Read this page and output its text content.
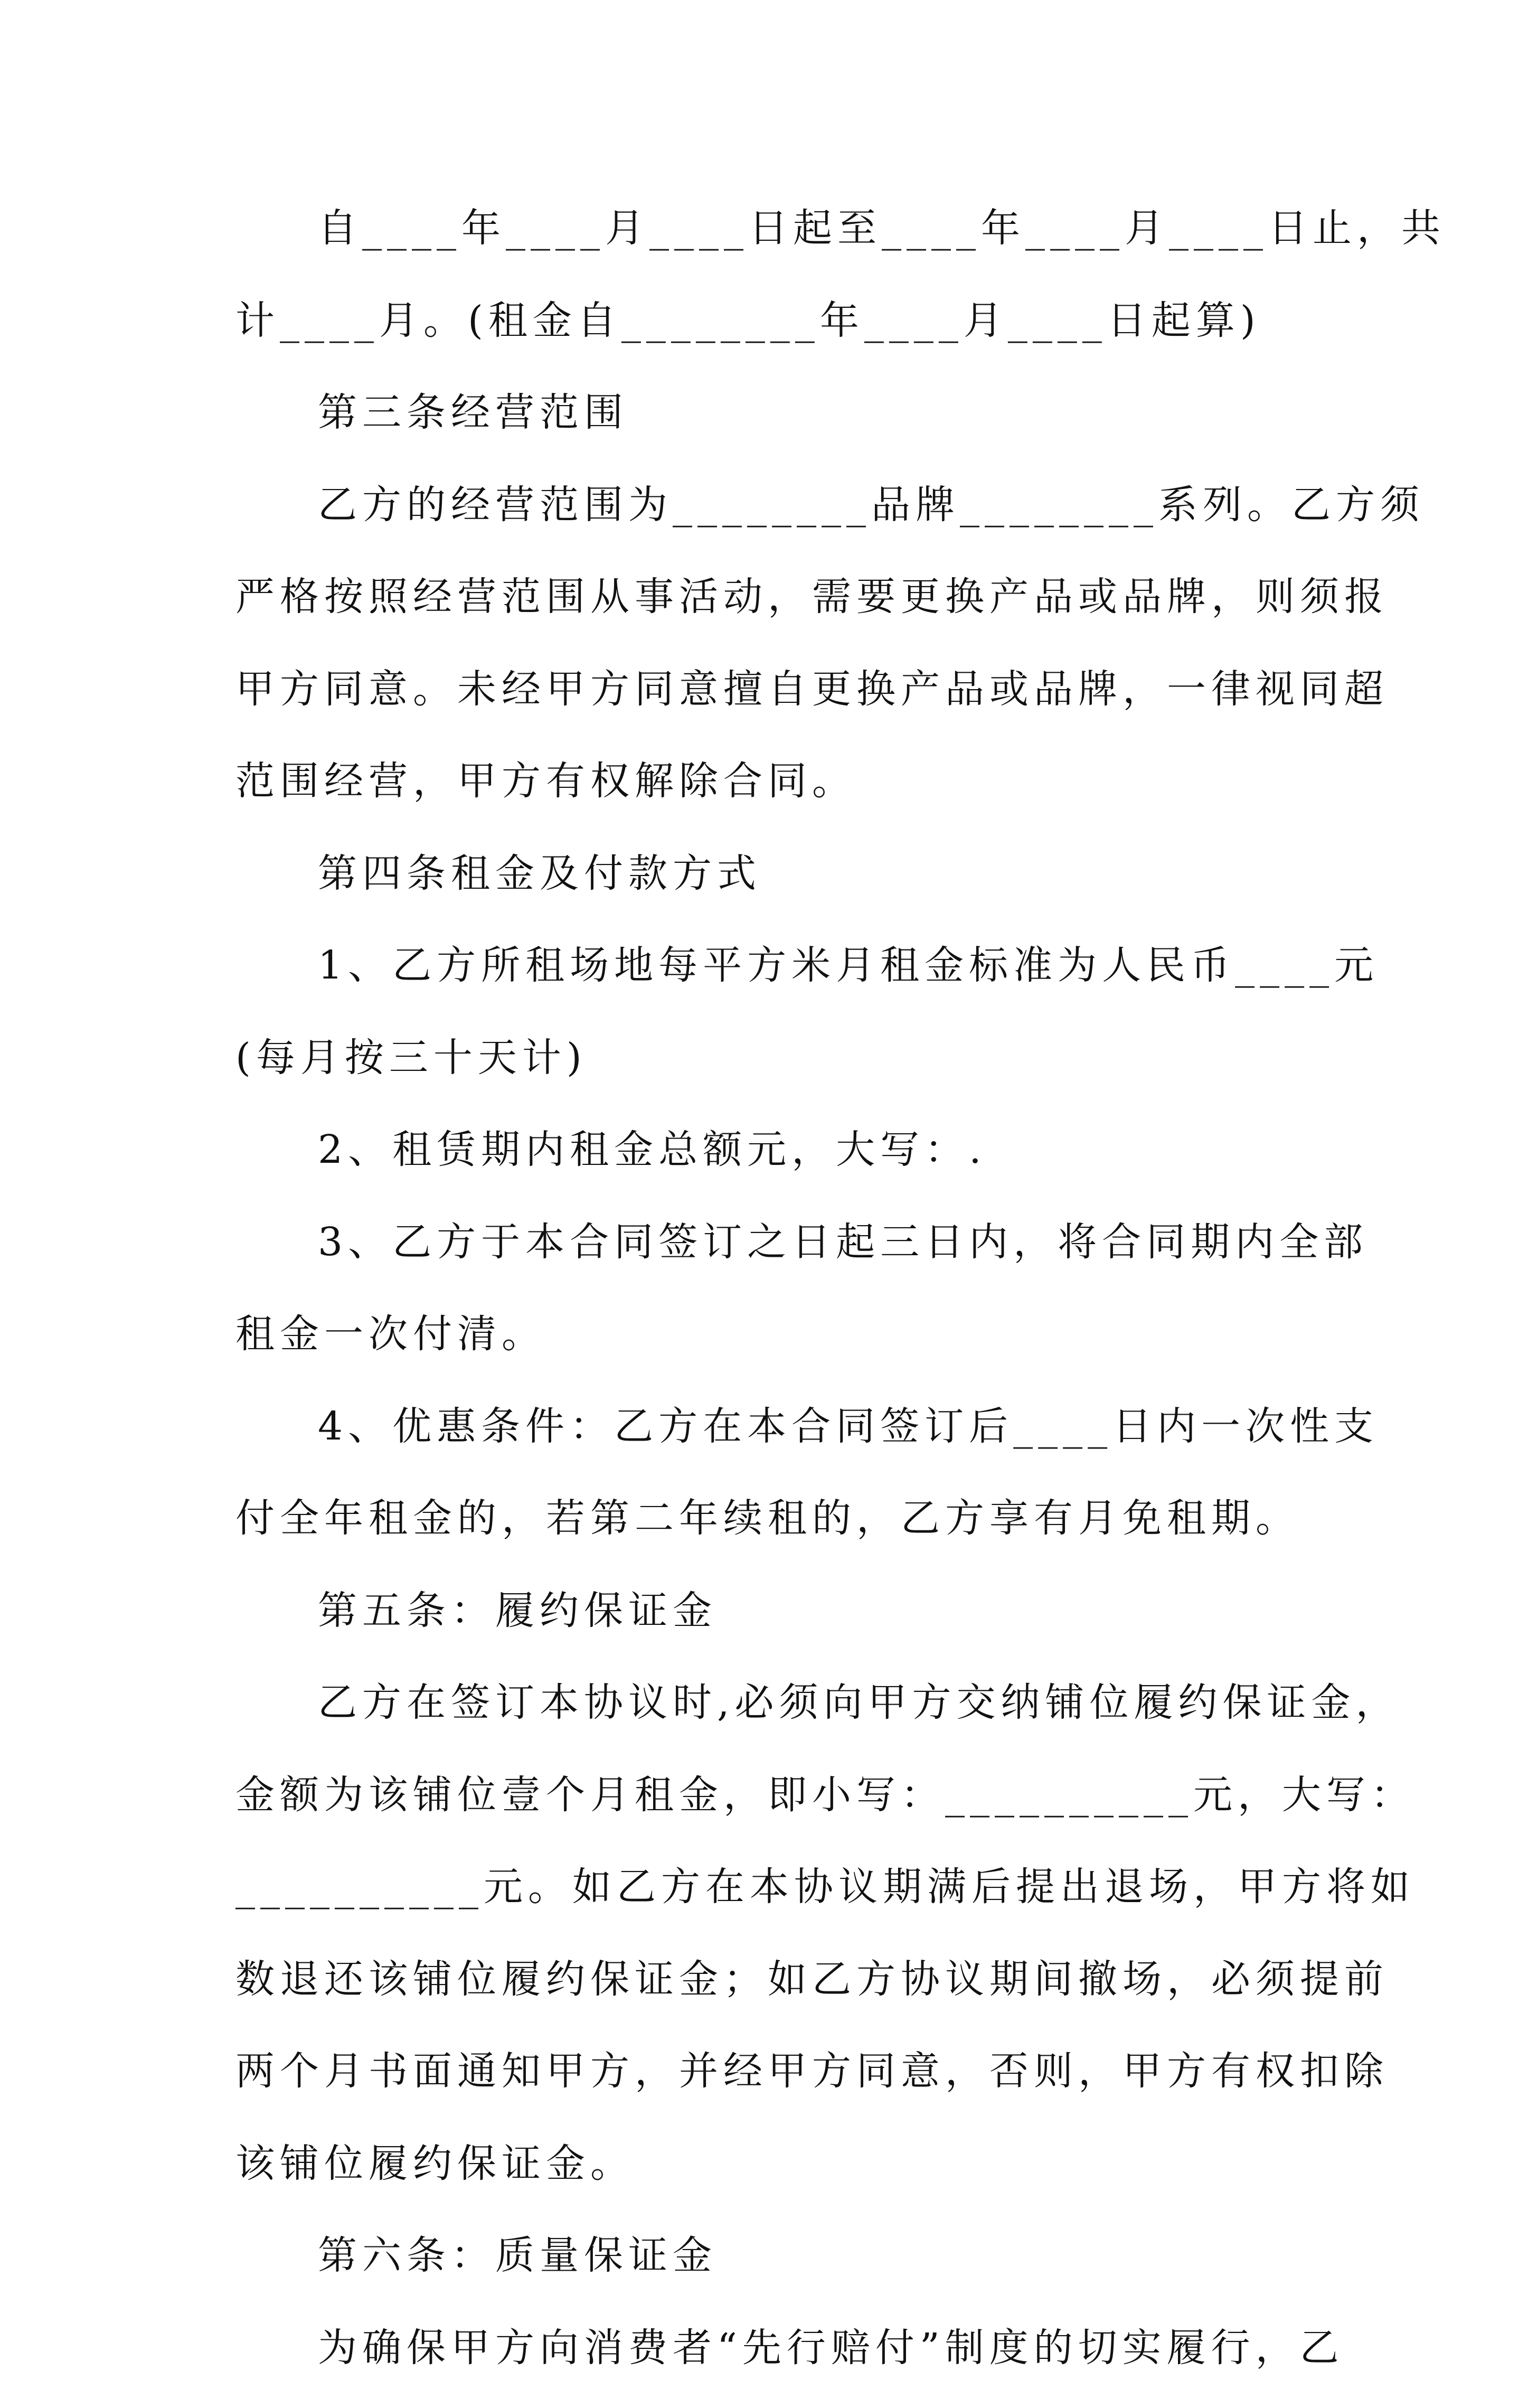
自____年____月____日起至____年____月____日止，共
计____月。(租金自________年____月____日起算)
第三条经营范围
乙方的经营范围为________品牌________系列。乙方须
严格按照经营范围从事活动，需要更换产品或品牌，则须报
甲方同意。未经甲方同意擅自更换产品或品牌，一律视同超
范围经营，甲方有权解除合同。
第四条租金及付款方式
1、乙方所租场地每平方米月租金标准为人民币____元
(每月按三十天计)
2、租赁期内租金总额元，大写：.
3、乙方于本合同签订之日起三日内，将合同期内全部
租金一次付清。
4、优惠条件：乙方在本合同签订后____日内一次性支
付全年租金的，若第二年续租的，乙方享有月免租期。
第五条：履约保证金
乙方在签订本协议时,必须向甲方交纳铺位履约保证金，
金额为该铺位壹个月租金，即小写：__________元，大写：
__________元。如乙方在本协议期满后提出退场，甲方将如
数退还该铺位履约保证金；如乙方协议期间撤场，必须提前
两个月书面通知甲方，并经甲方同意，否则，甲方有权扣除
该铺位履约保证金。
第六条：质量保证金
为确保甲方向消费者“先行赔付”制度的切实履行，乙
